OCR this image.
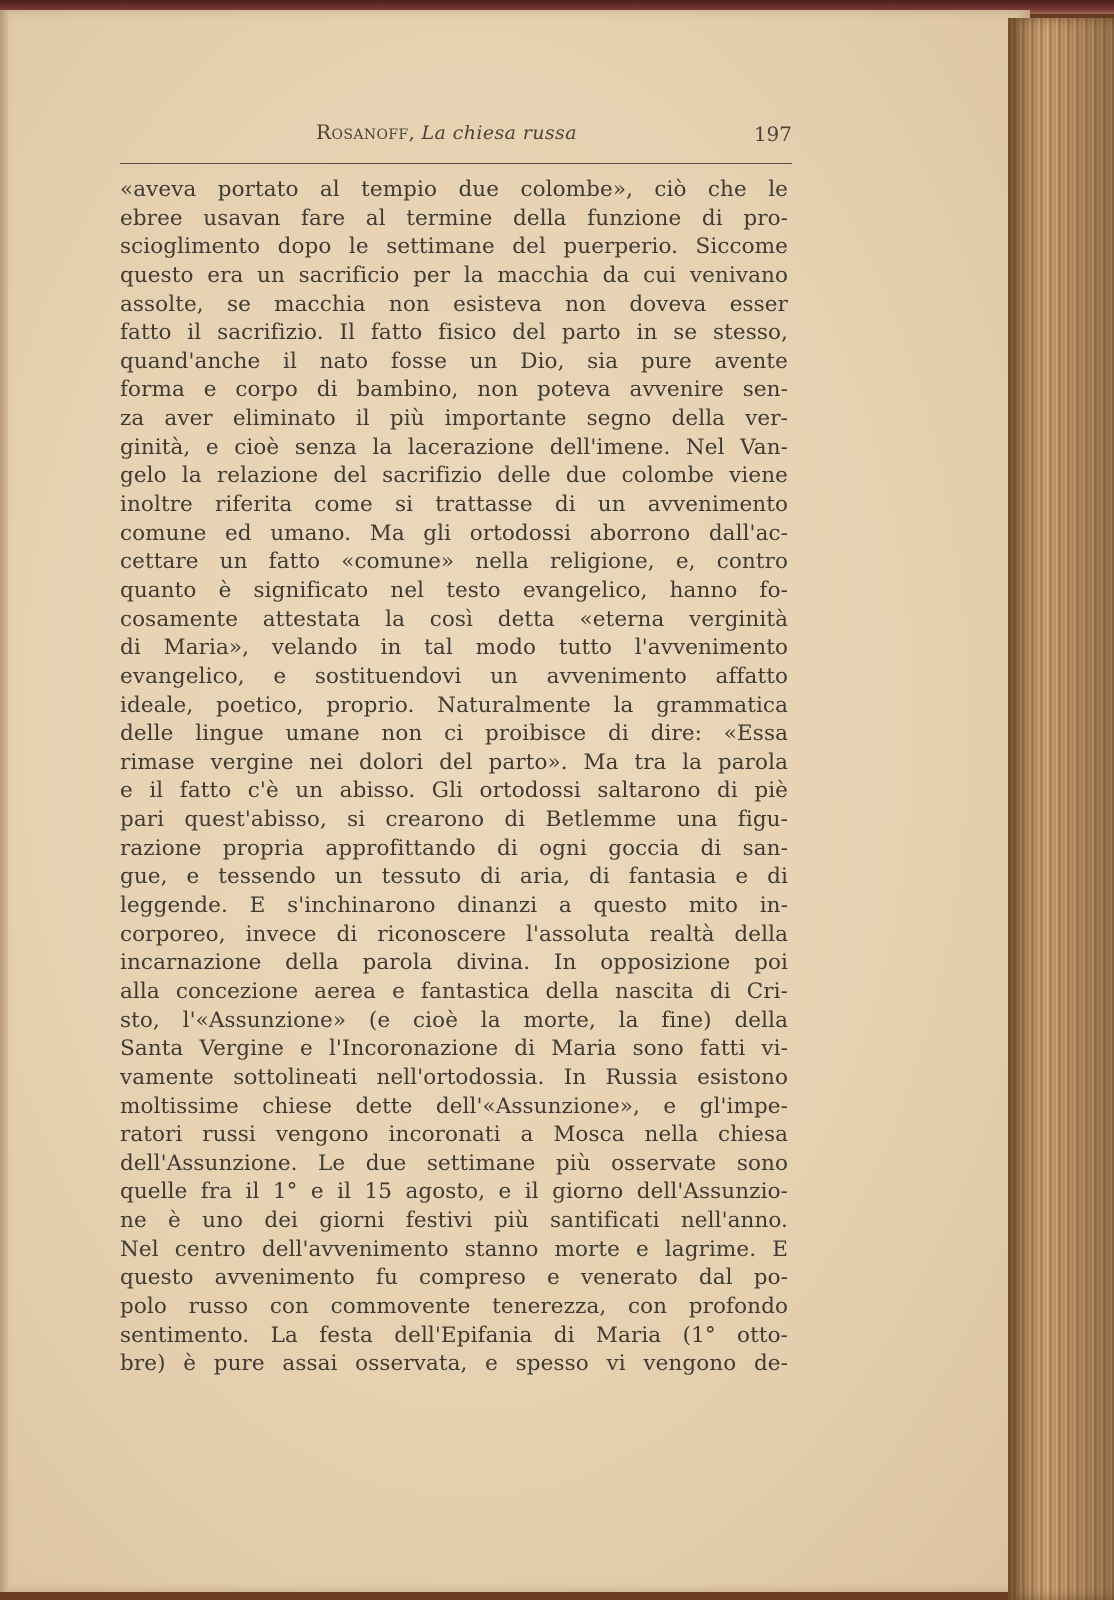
Rosanoff, La chiesa russa	197
«aveva portato al tempio due colombe», ciò che le
ebree usavan fare al termine della funzione di pro-
scioglimento dopo le settimane del puerperio. Siccome
questo era un sacrificio per la macchia da cui venivano
assolte, se macchia non esisteva non doveva esser
fatto il sacrifizio. Il fatto fisico del parto in se stesso,
quand'anche il nato fosse un Dio, sia pure avente
forma e corpo di bambino, non poteva avvenire sen-
za aver eliminato il più importante segno della ver-
ginità, e cioè senza la lacerazione dell'imene. Nel Van-
gelo la relazione del sacrifizio delle due colombe viene
inoltre riferita come si trattasse di un avvenimento
comune ed umano. Ma gli ortodossi aborrono dall'ac-
cettare un fatto «comune» nella religione, e, contro
quanto è significato nel testo evangelico, hanno fo-
cosamente attestata la così detta «eterna verginità
di Maria», velando in tal modo tutto l'avvenimento
evangelico, e sostituendovi un avvenimento affatto
ideale, poetico, proprio. Naturalmente la grammatica
delle lingue umane non ci proibisce di dire: «Essa
rimase vergine nei dolori del parto». Ma tra la parola
e il fatto c'è un abisso. Gli ortodossi saltarono di piè
pari quest'abisso, si crearono di Betlemme una figu-
razione propria approfittando di ogni goccia di san-
gue, e tessendo un tessuto di aria, di fantasia e di
leggende. E s'inchinarono dinanzi a questo mito in-
corporeo, invece di riconoscere l'assoluta realtà della
incarnazione della parola divina. In opposizione poi
alla concezione aerea e fantastica della nascita di Cri-
sto, l'«Assunzione» (e cioè la morte, la fine) della
Santa Vergine e l'Incoronazione di Maria sono fatti vi-
vamente sottolineati nell'ortodossia. In Russia esistono
moltissime chiese dette dell'«Assunzione», e gl'impe-
ratori russi vengono incoronati a Mosca nella chiesa
dell'Assunzione. Le due settimane più osservate sono
quelle fra il 1° e il 15 agosto, e il giorno dell'Assunzio-
ne è uno dei giorni festivi più santificati nell'anno.
Nel centro dell'avvenimento stanno morte e lagrime. E
questo avvenimento fu compreso e venerato dal po-
polo russo con commovente tenerezza, con profondo
sentimento. La festa dell'Epifania di Maria (1° otto-
bre) è pure assai osservata, e spesso vi vengono de-
